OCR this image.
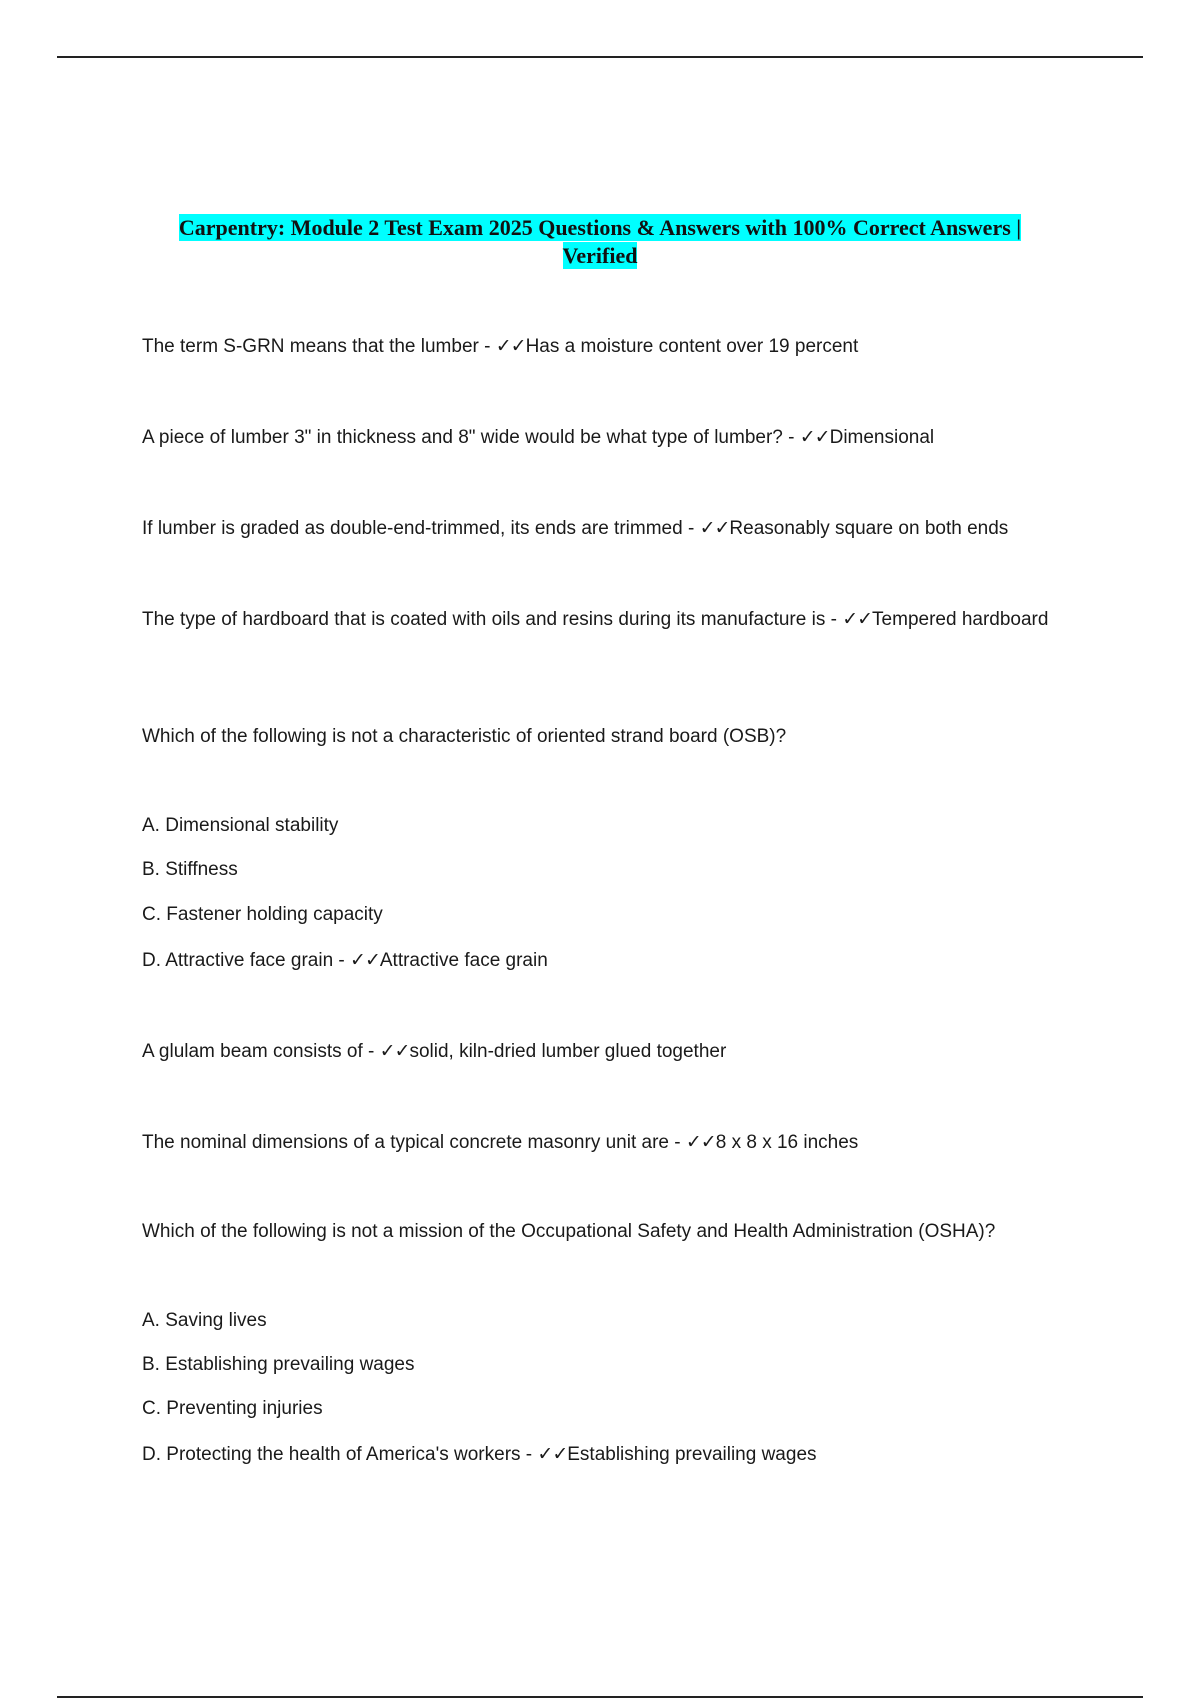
Carpentry: Module 2 Test Exam 2025 Questions & Answers with 100% Correct Answers |
Verified
The term S-GRN means that the lumber - ✓✓Has a moisture content over 19 percent
A piece of lumber 3" in thickness and 8" wide would be what type of lumber? - ✓✓Dimensional
If lumber is graded as double-end-trimmed, its ends are trimmed - ✓✓Reasonably square on both ends
The type of hardboard that is coated with oils and resins during its manufacture is - ✓✓Tempered hardboard
Which of the following is not a characteristic of oriented strand board (OSB)?
A. Dimensional stability
B. Stiffness
C. Fastener holding capacity
D. Attractive face grain - ✓✓Attractive face grain
A glulam beam consists of - ✓✓solid, kiln-dried lumber glued together
The nominal dimensions of a typical concrete masonry unit are - ✓✓8 x 8 x 16 inches
Which of the following is not a mission of the Occupational Safety and Health Administration (OSHA)?
A. Saving lives
B. Establishing prevailing wages
C. Preventing injuries
D. Protecting the health of America's workers - ✓✓Establishing prevailing wages
